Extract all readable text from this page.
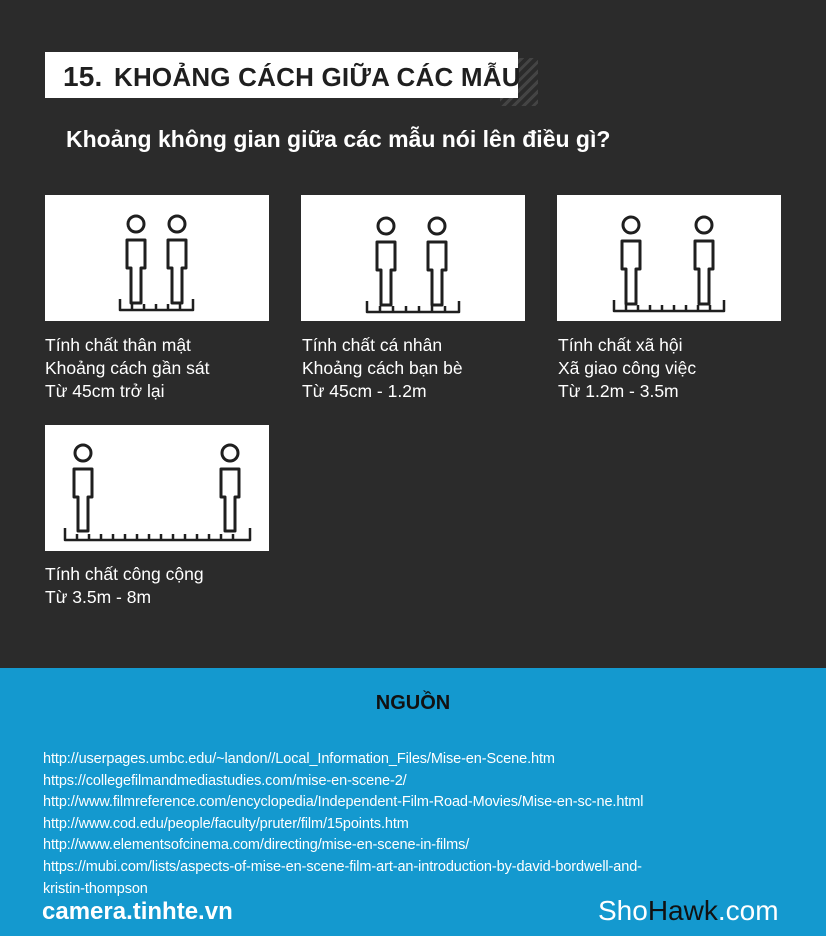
15. KHOẢNG CÁCH GIỮA CÁC MẪU
Khoảng không gian giữa các mẫu nói lên điều gì?
Tính chất thân mật
Khoảng cách gần sát
Từ 45cm trở lại
Tính chất cá nhân
Khoảng cách bạn bè
Từ 45cm - 1.2m
Tính chất xã hội
Xã giao công việc
Từ 1.2m - 3.5m
Tính chất công cộng
Từ 3.5m - 8m
NGUỒN
http://userpages.umbc.edu/~landon//Local_Information_Files/Mise-en-Scene.htm
https://collegefilmandmediastudies.com/mise-en-scene-2/
http://www.filmreference.com/encyclopedia/Independent-Film-Road-Movies/Mise-en-sc-ne.html
http://www.cod.edu/people/faculty/pruter/film/15points.htm
http://www.elementsofcinema.com/directing/mise-en-scene-in-films/
https://mubi.com/lists/aspects-of-mise-en-scene-film-art-an-introduction-by-david-bordwell-and-
kristin-thompson
camera.tinhte.vn	ShoHawk.com
